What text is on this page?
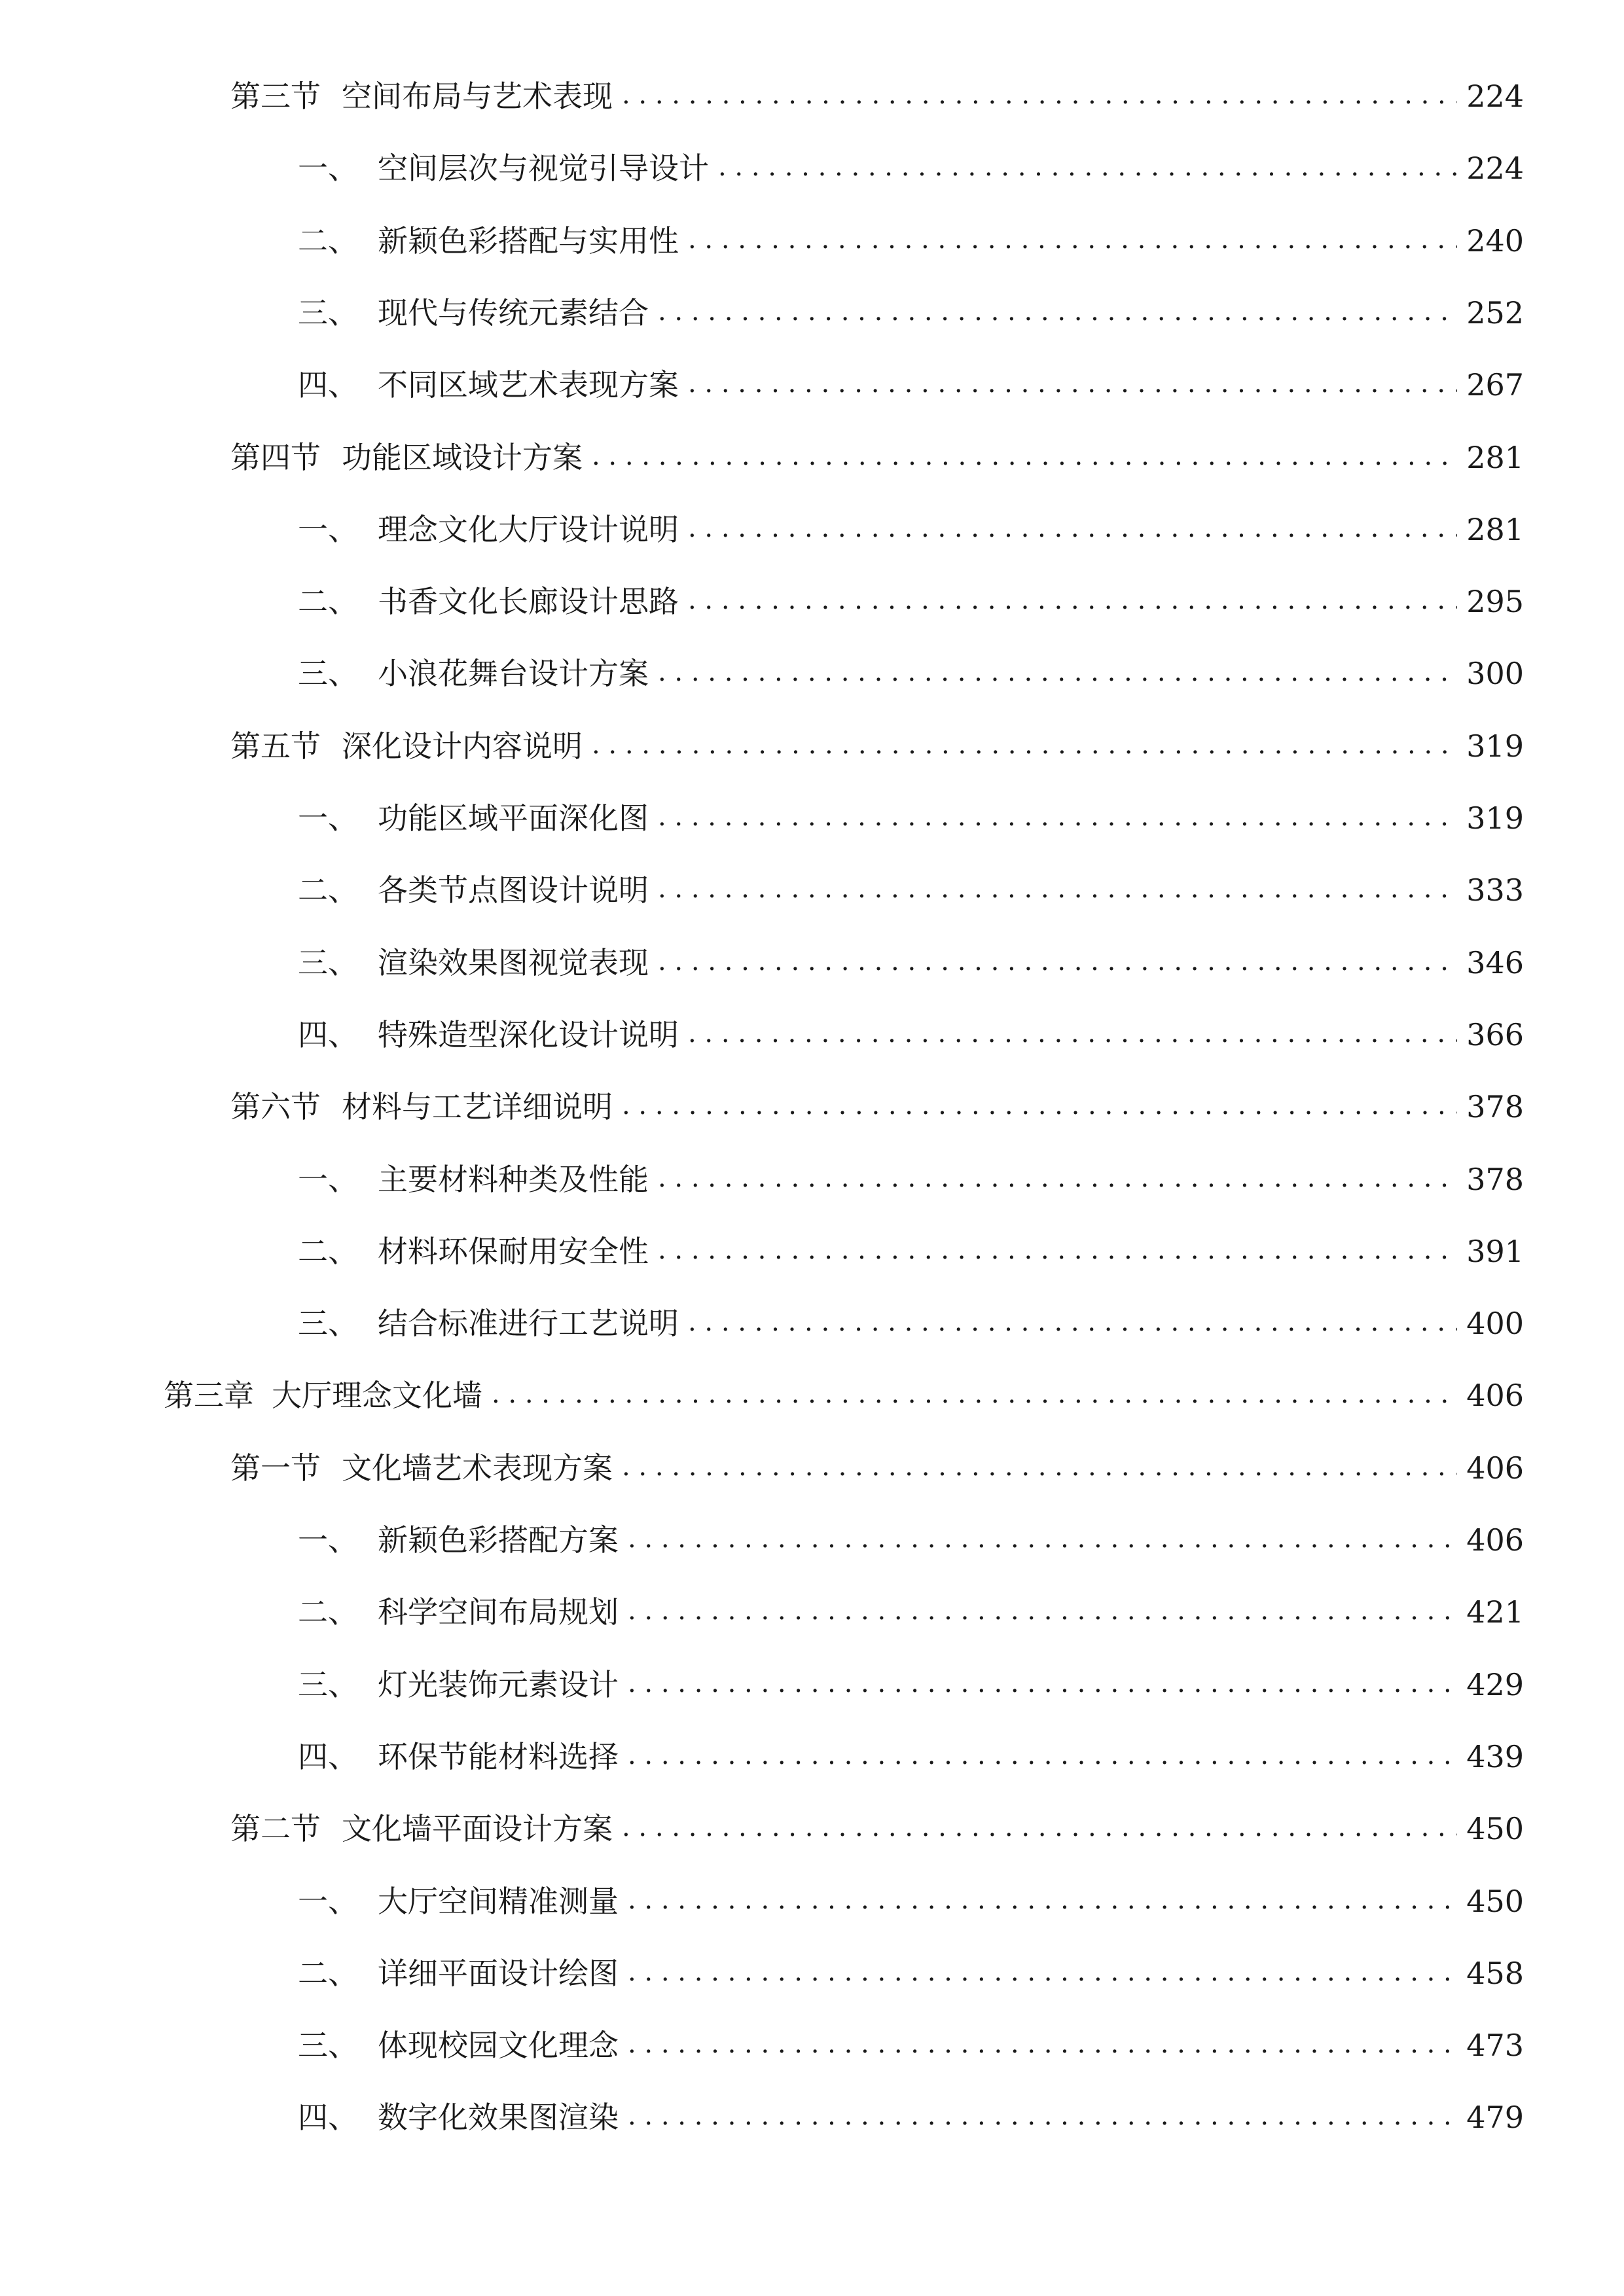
第三节 空间布局与艺术表现 . . .	224
一、 空间层次与视觉引导设计 . . .	224
二、 新颖色彩搭配与实用性 . . .	240
三、 现代与传统元素结合 . . .	252
四、 不同区域艺术表现方案 . . .	267
第四节 功能区域设计方案 . . .	281
一、 理念文化大厅设计说明 . . .	281
二、 书香文化长廊设计思路 . . .	295
三、 小浪花舞台设计方案 . . .	300
第五节 深化设计内容说明 . . .	319
一、 功能区域平面深化图 . . .	319
二、 各类节点图设计说明 . . .	333
三、 渲染效果图视觉表现 . . .	346
四、 特殊造型深化设计说明 . . .	366
第六节 材料与工艺详细说明 . . .	378
一、 主要材料种类及性能 . . .	378
二、 材料环保耐用安全性 . . .	391
三、 结合标准进行工艺说明 . . .	400
第三章 大厅理念文化墙 . . .	406
第一节 文化墙艺术表现方案 . . .	406
一、 新颖色彩搭配方案 . . .	406
二、 科学空间布局规划 . . .	421
三、 灯光装饰元素设计 . . .	429
四、 环保节能材料选择 . . .	439
第二节 文化墙平面设计方案 . . .	450
一、 大厅空间精准测量 . . .	450
二、 详细平面设计绘图 . . .	458
三、 体现校园文化理念 . . .	473
四、 数字化效果图渲染 . . .	479
